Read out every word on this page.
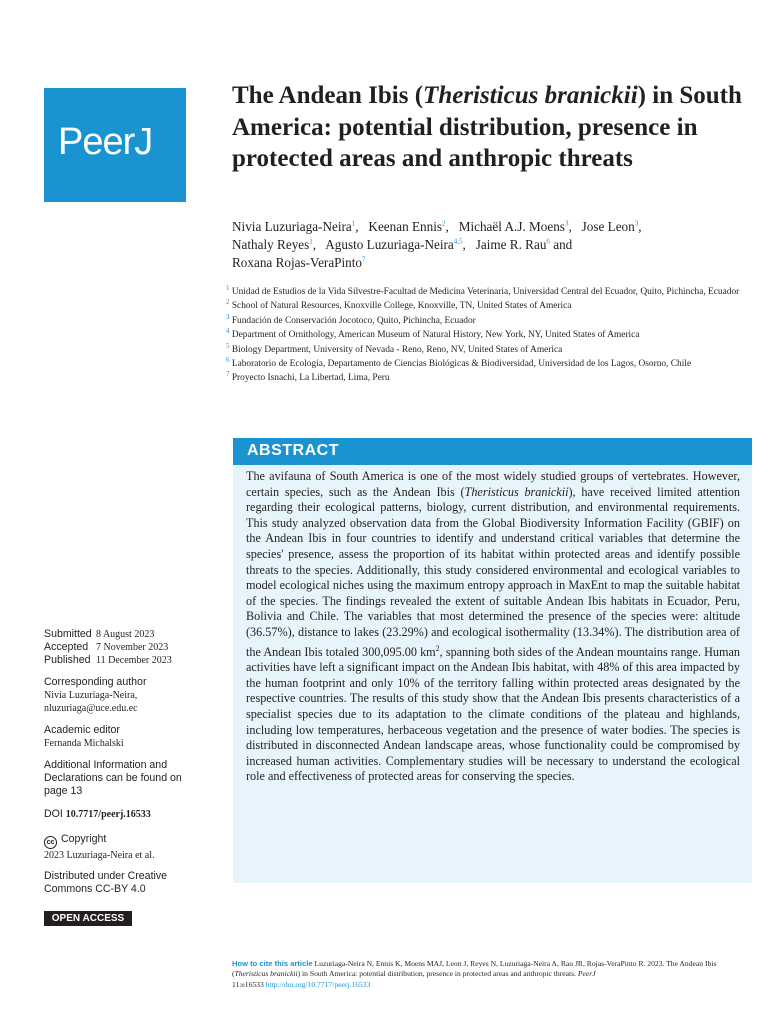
PeerJ
The Andean Ibis (Theristicus branickii) in South America: potential distribution, presence in protected areas and anthropic threats
Nivia Luzuriaga-Neira$^1$,   Keenan Ennis$^2$,   Michaël A.J. Moens$^3$,   Jose Leon$^3$,
Nathaly Reyes$^1$,   Agusto Luzuriaga-Neira$^{4,5}$,   Jaime R. Rau$^6$ and
Roxana Rojas-VeraPinto$^7$
$^1$ Unidad de Estudios de la Vida Silvestre-Facultad de Medicina Veterinaria, Universidad Central del Ecuador, Quito, Pichincha, Ecuador
$^2$ School of Natural Resources, Knoxville College, Knoxville, TN, United States of America
$^3$ Fundación de Conservación Jocotoco, Quito, Pichincha, Ecuador
$^4$ Department of Ornithology, American Museum of Natural History, New York, NY, United States of America
$^5$ Biology Department, University of Nevada - Reno, Reno, NV, United States of America
$^6$ Laboratorio de Ecología, Departamento de Ciencias Biológicas & Biodiversidad, Universidad de los Lagos, Osorno, Chile
$^7$ Proyecto Isnachi, La Libertad, Lima, Peru
ABSTRACT

The avifauna of South America is one of the most widely studied groups of vertebrates. However, certain species, such as the Andean Ibis (Theristicus branickii), have received limited attention regarding their ecological patterns, biology, current distribution, and environmental requirements. This study analyzed observation data from the Global Biodiversity Information Facility (GBIF) on the Andean Ibis in four countries to identify and understand critical variables that determine the species' presence, assess the proportion of its habitat within protected areas and identify possible threats to the species. Additionally, this study considered environmental and ecological variables to model ecological niches using the maximum entropy approach in MaxEnt to map the suitable habitat of the species. The findings revealed the extent of suitable Andean Ibis habitats in Ecuador, Peru, Bolivia and Chile. The variables that most determined the presence of the species were: altitude (36.57%), distance to lakes (23.29%) and ecological isothermality (13.34%). The distribution area of the Andean Ibis totaled 300,095.00 $km^2$, spanning both sides of the Andean mountains range. Human activities have left a significant impact on the Andean Ibis habitat, with 48% of this area impacted by the human footprint and only 10% of the territory falling within protected areas designated by the respective countries. The results of this study show that the Andean Ibis presents characteristics of a specialist species due to its adaptation to the climate conditions of the plateau and highlands, including low temperatures, herbaceous vegetation and the presence of water bodies. The species is distributed in disconnected Andean landscape areas, whose functionality could be compromised by increased human activities. Complementary studies will be necessary to understand the ecological role and effectiveness of protected areas for conserving the species.

Submitted 8 August 2023
Accepted 7 November 2023
Published 11 December 2023
Corresponding author
Nivia Luzuriaga-Neira,
nluzuriaga@uce.edu.ec
Academic editor
Fernanda Michalski
Additional Information and Declarations can be found on page 13
DOI 10.7717/peerj.16533
cc Copyright
2023 Luzuriaga-Neira et al.
Distributed under Creative Commons CC-BY 4.0
OPEN ACCESS
How to cite this article Luzuriaga-Neira N, Ennis K, Moens MAJ, Leon J, Reyes N, Luzuriaga-Neira A, Rau JR, Rojas-VeraPinto R. 2023. The Andean Ibis (Theristicus branickii) in South America: potential distribution, presence in protected areas and anthropic threats. PeerJ
11:e16533 http://doi.org/10.7717/peerj.16533
